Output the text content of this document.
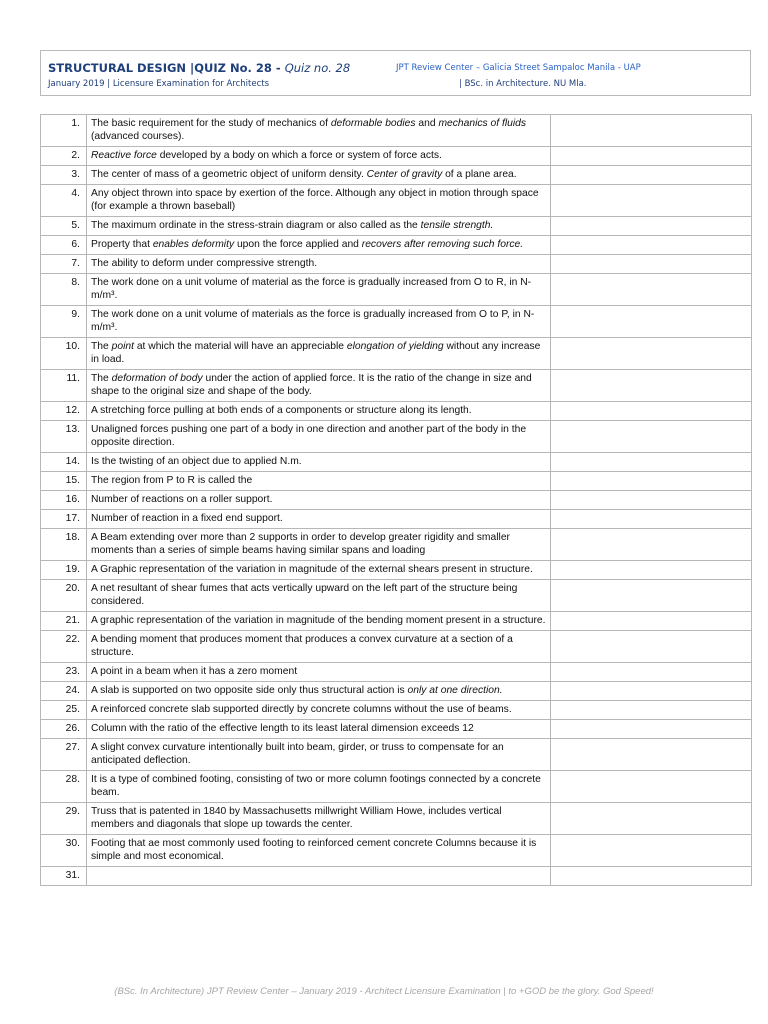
STRUCTURAL DESIGN |QUIZ No. 28 - Quiz no. 28
January 2019 | Licensure Examination for Architects
JPT Review Center – Galicia Street Sampaloc Manila - UAP
| BSc. in Architecture. NU Mla.
1.	The basic requirement for the study of mechanics of deformable bodies and mechanics of fluids (advanced courses).	
2.	Reactive force developed by a body on which a force or system of force acts.	
3.	The center of mass of a geometric object of uniform density. Center of gravity of a plane area.	
4.	Any object thrown into space by exertion of the force. Although any object in motion through space (for example a thrown baseball)	
5.	The maximum ordinate in the stress-strain diagram or also called as the tensile strength.	
6.	Property that enables deformity upon the force applied and recovers after removing such force.	
7.	The ability to deform under compressive strength.	
8.	The work done on a unit volume of material as the force is gradually increased from O to R, in N-m/m³.	
9.	The work done on a unit volume of materials as the force is gradually increased from O to P, in N-m/m³.	
10.	The point at which the material will have an appreciable elongation of yielding without any increase in load.	
11.	The deformation of body under the action of applied force. It is the ratio of the change in size and shape to the original size and shape of the body.	
12.	A stretching force pulling at both ends of a components or structure along its length.	
13.	Unaligned forces pushing one part of a body in one direction and another part of the body in the opposite direction.	
14.	Is the twisting of an object due to applied N.m.	
15.	The region from P to R is called the	
16.	Number of reactions on a roller support.	
17.	Number of reaction in a fixed end support.	
18.	A Beam extending over more than 2 supports in order to develop greater rigidity and smaller moments than a series of simple beams having similar spans and loading	
19.	A Graphic representation of the variation in magnitude of the external shears present in structure.	
20.	A net resultant of shear fumes that acts vertically upward on the left part of the structure being considered.	
21.	A graphic representation of the variation in magnitude of the bending moment present in a structure.	
22.	A bending moment that produces moment that produces a convex curvature at a section of a structure.	
23.	A point in a beam when it has a zero moment	
24.	A slab is supported on two opposite side only thus structural action is only at one direction.	
25.	A reinforced concrete slab supported directly by concrete columns without the use of beams.	
26.	Column with the ratio of the effective length to its least lateral dimension exceeds 12	
27.	A slight convex curvature intentionally built into beam, girder, or truss to compensate for an anticipated deflection.	
28.	It is a type of combined footing, consisting of two or more column footings connected by a concrete beam.	
29.	Truss that is patented in 1840 by Massachusetts millwright William Howe, includes vertical members and diagonals that slope up towards the center.	
30.	Footing that ae most commonly used footing to reinforced cement concrete Columns because it is simple and most economical.	
31.		
(BSc. In Architecture) JPT Review Center – January 2019 - Architect Licensure Examination | to +GOD be the glory. God Speed!
